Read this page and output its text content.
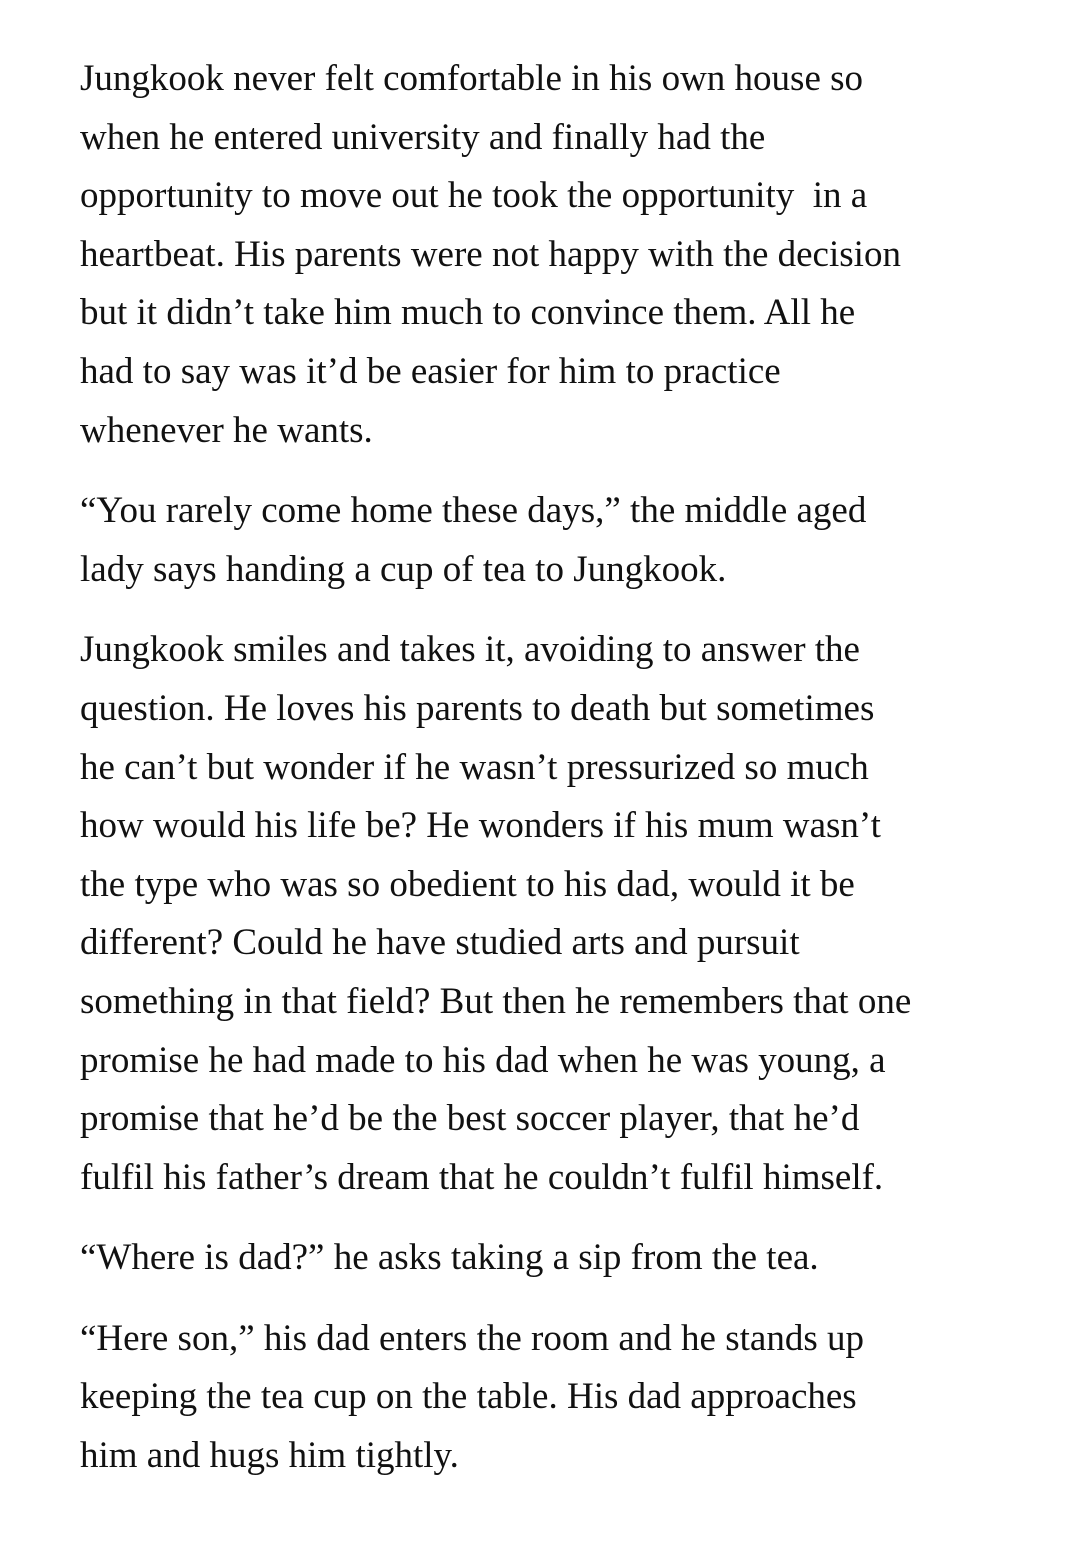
Jungkook never felt comfortable in his own house so
when he entered university and finally had the
opportunity to move out he took the opportunity  in a
heartbeat. His parents were not happy with the decision
but it didn’t take him much to convince them. All he
had to say was it’d be easier for him to practice
whenever he wants.

“You rarely come home these days,” the middle aged
lady says handing a cup of tea to Jungkook.

Jungkook smiles and takes it, avoiding to answer the
question. He loves his parents to death but sometimes
he can’t but wonder if he wasn’t pressurized so much
how would his life be? He wonders if his mum wasn’t
the type who was so obedient to his dad, would it be
different? Could he have studied arts and pursuit
something in that field? But then he remembers that one
promise he had made to his dad when he was young, a
promise that he’d be the best soccer player, that he’d
fulfil his father’s dream that he couldn’t fulfil himself.

“Where is dad?” he asks taking a sip from the tea.

“Here son,” his dad enters the room and he stands up
keeping the tea cup on the table. His dad approaches
him and hugs him tightly.
